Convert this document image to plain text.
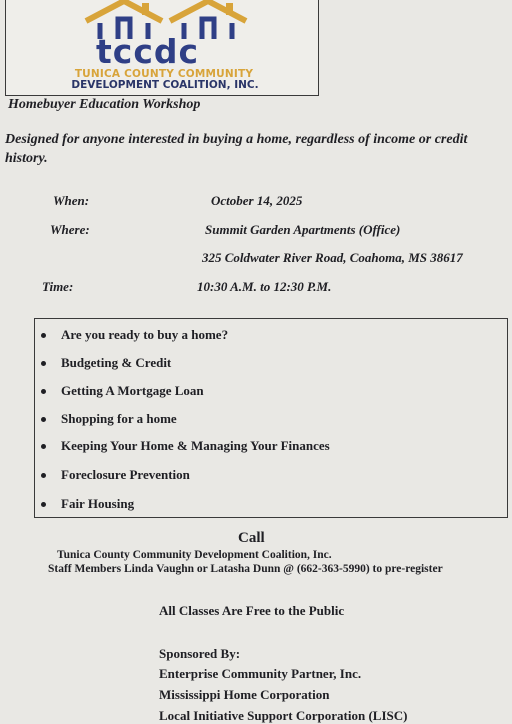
tccdc
TUNICA COUNTY COMMUNITY
DEVELOPMENT COALITION, INC.
Homebuyer Education Workshop
Designed for anyone interested in buying a home, regardless of income or credit history.
When:	October 14, 2025
Where:	Summit Garden Apartments (Office)
325 Coldwater River Road, Coahoma, MS 38617
Time:	10:30 A.M. to 12:30 P.M.
Are you ready to buy a home?
Budgeting & Credit
Getting A Mortgage Loan
Shopping for a home
Keeping Your Home & Managing Your Finances
Foreclosure Prevention
Fair Housing
Call
Tunica County Community Development Coalition, Inc.
Staff Members Linda Vaughn or Latasha Dunn @ (662-363-5990) to pre-register
All Classes Are Free to the Public
Sponsored By:
Enterprise Community Partner, Inc.
Mississippi Home Corporation
Local Initiative Support Corporation (LISC)
